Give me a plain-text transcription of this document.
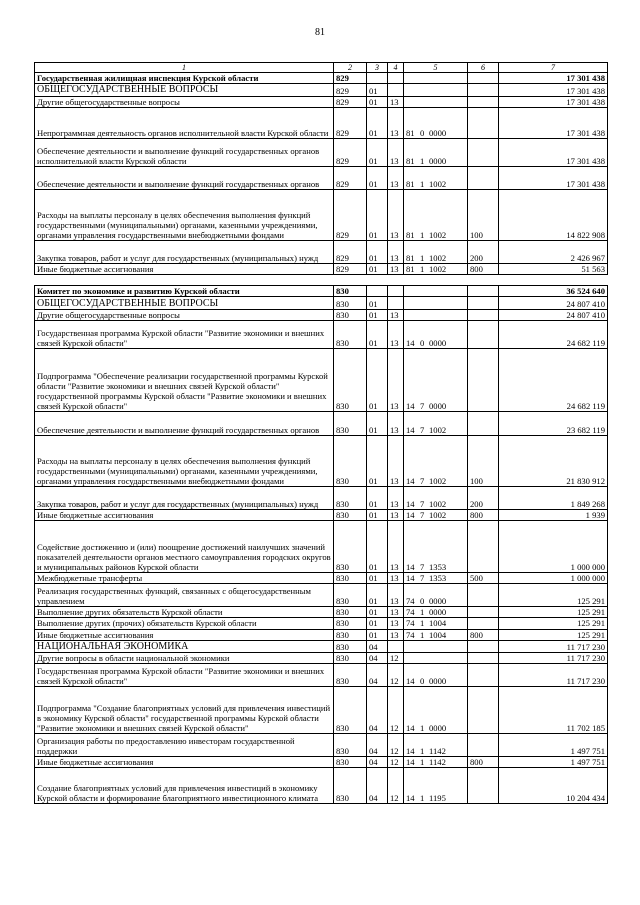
81
1	2	3	4	5	6	7
Государственная жилищная инспекция Курской области	829					17 301 438
ОБЩЕГОСУДАРСТВЕННЫЕ ВОПРОСЫ	829	01				17 301 438
Другие общегосударственные вопросы	829	01	13			17 301 438
Непрограммная деятельность органов исполнительной власти Курской области	829	01	13	81 0 0000		17 301 438
Обеспечение деятельности и выполнение функций государственных органов исполнительной власти Курской области	829	01	13	81 1 0000		17 301 438
Обеспечение деятельности и выполнение функций государственных органов	829	01	13	81 1 1002		17 301 438
Расходы на выплаты персоналу в целях обеспечения выполнения функций государственными (муниципальными) органами, казенными учреждениями, органами управления государственными внебюджетными фондами	829	01	13	81 1 1002	100	14 822 908
Закупка товаров, работ и услуг для государственных (муниципальных) нужд	829	01	13	81 1 1002	200	2 426 967
Иные бюджетные ассигнования	829	01	13	81 1 1002	800	51 563

Комитет по экономике и развитию Курской области	830					36 524 640
ОБЩЕГОСУДАРСТВЕННЫЕ ВОПРОСЫ	830	01				24 807 410
Другие общегосударственные вопросы	830	01	13			24 807 410
Государственная программа Курской области "Развитие экономики и внешних связей Курской области"	830	01	13	14 0 0000		24 682 119
Подпрограмма "Обеспечение реализации государственной программы Курской области "Развитие экономики и внешних связей Курской области" государственной программы Курской области "Развитие экономики и внешних связей Курской области"	830	01	13	14 7 0000		24 682 119
Обеспечение деятельности и выполнение функций государственных органов	830	01	13	14 7 1002		23 682 119
Расходы на выплаты персоналу в целях обеспечения выполнения функций государственными (муниципальными) органами, казенными учреждениями, органами управления государственными внебюджетными фондами	830	01	13	14 7 1002	100	21 830 912
Закупка товаров, работ и услуг для государственных (муниципальных) нужд	830	01	13	14 7 1002	200	1 849 268
Иные бюджетные ассигнования	830	01	13	14 7 1002	800	1 939
Содействие достижению и (или) поощрение достижений наилучших значений показателей деятельности органов местного самоуправления городских округов и муниципальных районов Курской области	830	01	13	14 7 1353		1 000 000
Межбюджетные трансферты	830	01	13	14 7 1353	500	1 000 000
Реализация государственных функций, связанных с общегосударственным управлением	830	01	13	74 0 0000		125 291
Выполнение других обязательств Курской области	830	01	13	74 1 0000		125 291
Выполнение других (прочих) обязательств Курской области	830	01	13	74 1 1004		125 291
Иные бюджетные ассигнования	830	01	13	74 1 1004	800	125 291
НАЦИОНАЛЬНАЯ ЭКОНОМИКА	830	04				11 717 230
Другие вопросы в области национальной экономики	830	04	12			11 717 230
Государственная программа Курской области "Развитие экономики и внешних связей Курской области"	830	04	12	14 0 0000		11 717 230
Подпрограмма "Создание благоприятных условий для привлечения инвестиций в экономику Курской области" государственной программы Курской области "Развитие экономики и внешних связей Курской области"	830	04	12	14 1 0000		11 702 185
Организация работы по предоставлению инвесторам государственной поддержки	830	04	12	14 1 1142		1 497 751
Иные бюджетные ассигнования	830	04	12	14 1 1142	800	1 497 751
Создание благоприятных условий для привлечения инвестиций в экономику Курской области и формирование благоприятного инвестиционного климата	830	04	12	14 1 1195		10 204 434
